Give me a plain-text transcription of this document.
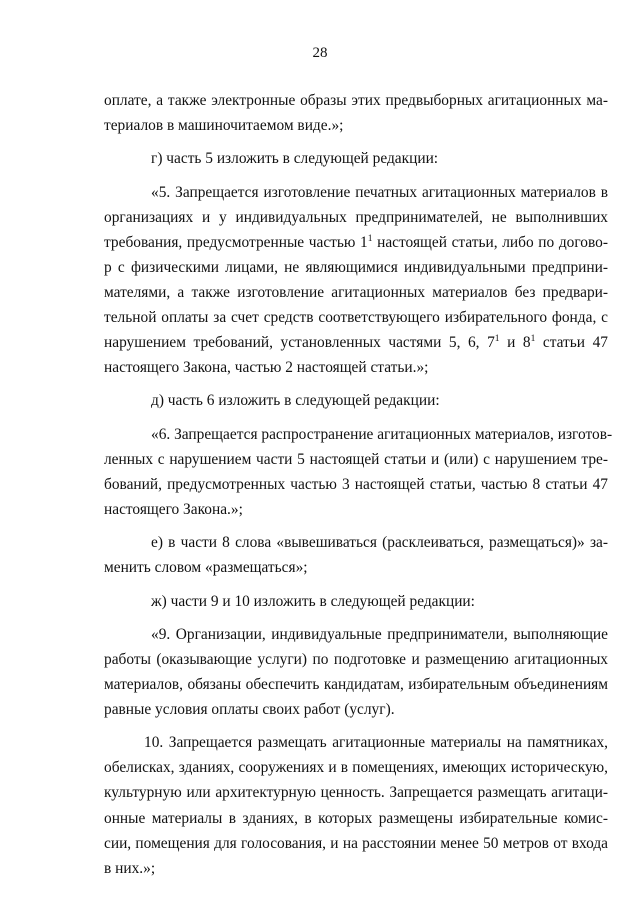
28
оплате, а также электронные образы этих предвыборных агитационных ма-
териалов в машиночитаемом виде.»;
г) часть 5 изложить в следующей редакции:
«5. Запрещается изготовление печатных агитационных материалов в
организациях и у индивидуальных предпринимателей, не выполнивших
требования, предусмотренные частью $1^1$ настоящей статьи, либо по догово-
р с физическими лицами, не являющимися индивидуальными предприни-
мателями, а также изготовление агитационных материалов без предвари-
тельной оплаты за счет средств соответствующего избирательного фонда, с
нарушением требований, установленных частями 5, 6, $7^1$ и $8^1$ статьи 47
настоящего Закона, частью 2 настоящей статьи.»;
д) часть 6 изложить в следующей редакции:
«6. Запрещается распространение агитационных материалов, изготов-
ленных с нарушением части 5 настоящей статьи и (или) с нарушением тре-
бований, предусмотренных частью 3 настоящей статьи, частью 8 статьи 47
настоящего Закона.»;
е) в части 8 слова «вывешиваться (расклеиваться, размещаться)» за-
менить словом «размещаться»;
ж) части 9 и 10 изложить в следующей редакции:
«9. Организации, индивидуальные предприниматели, выполняющие
работы (оказывающие услуги) по подготовке и размещению агитационных
материалов, обязаны обеспечить кандидатам, избирательным объединениям
равные условия оплаты своих работ (услуг).
10. Запрещается размещать агитационные материалы на памятниках,
обелисках, зданиях, сооружениях и в помещениях, имеющих историческую,
культурную или архитектурную ценность. Запрещается размещать агитаци-
онные материалы в зданиях, в которых размещены избирательные комис-
сии, помещения для голосования, и на расстоянии менее 50 метров от входа
в них.»;
